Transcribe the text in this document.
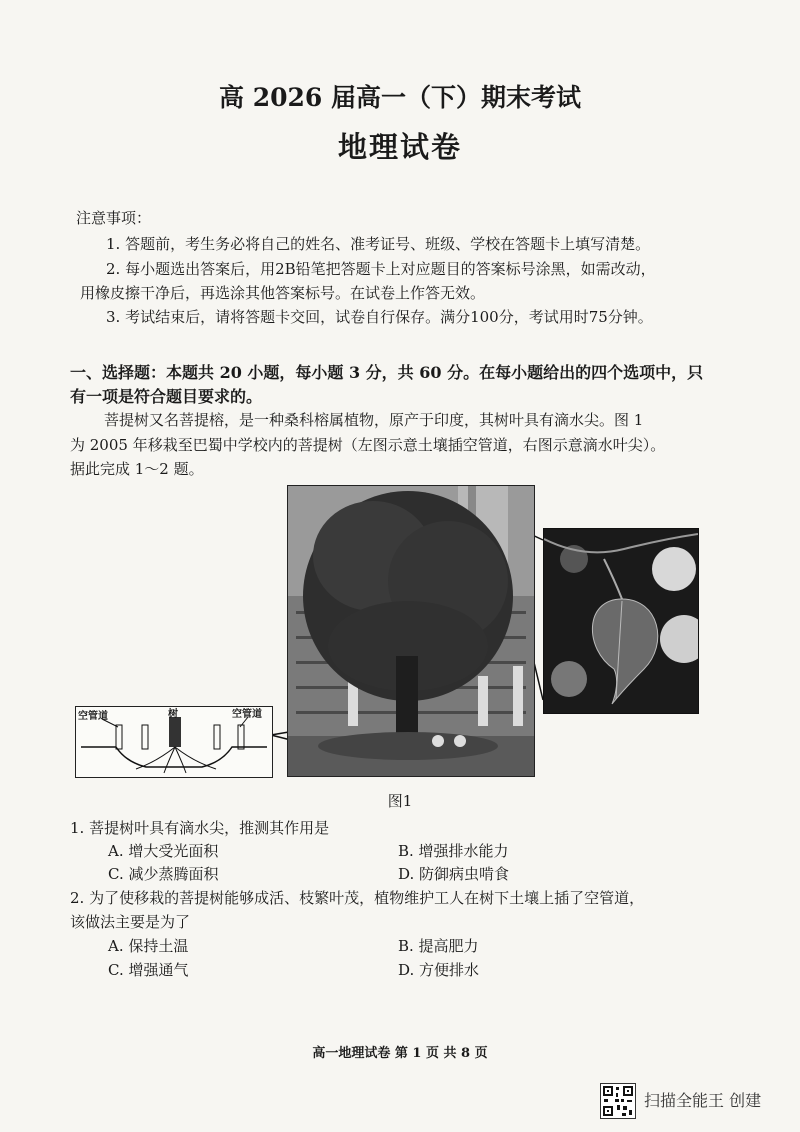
高 2026 届高一（下）期末考试
地理试卷
注意事项：
1. 答题前，考生务必将自己的姓名、准考证号、班级、学校在答题卡上填写清楚。
2. 每小题选出答案后，用2B铅笔把答题卡上对应题目的答案标号涂黑，如需改动，
用橡皮擦干净后，再选涂其他答案标号。在试卷上作答无效。
3. 考试结束后，请将答题卡交回，试卷自行保存。满分100分，考试用时75分钟。
一、选择题：本题共 20 小题，每小题 3 分，共 60 分。在每小题给出的四个选项中，只
有一项是符合题目要求的。
菩提树又名菩提榕，是一种桑科榕属植物，原产于印度，其树叶具有滴水尖。图 1
为 2005 年移栽至巴蜀中学校内的菩提树（左图示意土壤插空管道，右图示意滴水叶尖）。
据此完成 1～2 题。
空管道	树	空管道
图1
1. 菩提树叶具有滴水尖，推测其作用是
A. 增大受光面积	B. 增强排水能力
C. 减少蒸腾面积	D. 防御病虫啃食
2. 为了使移栽的菩提树能够成活、枝繁叶茂，植物维护工人在树下土壤上插了空管道，
该做法主要是为了
A. 保持土温	B. 提高肥力
C. 增强通气	D. 方便排水
高一地理试卷 第 1 页 共 8 页
扫描全能王 创建
